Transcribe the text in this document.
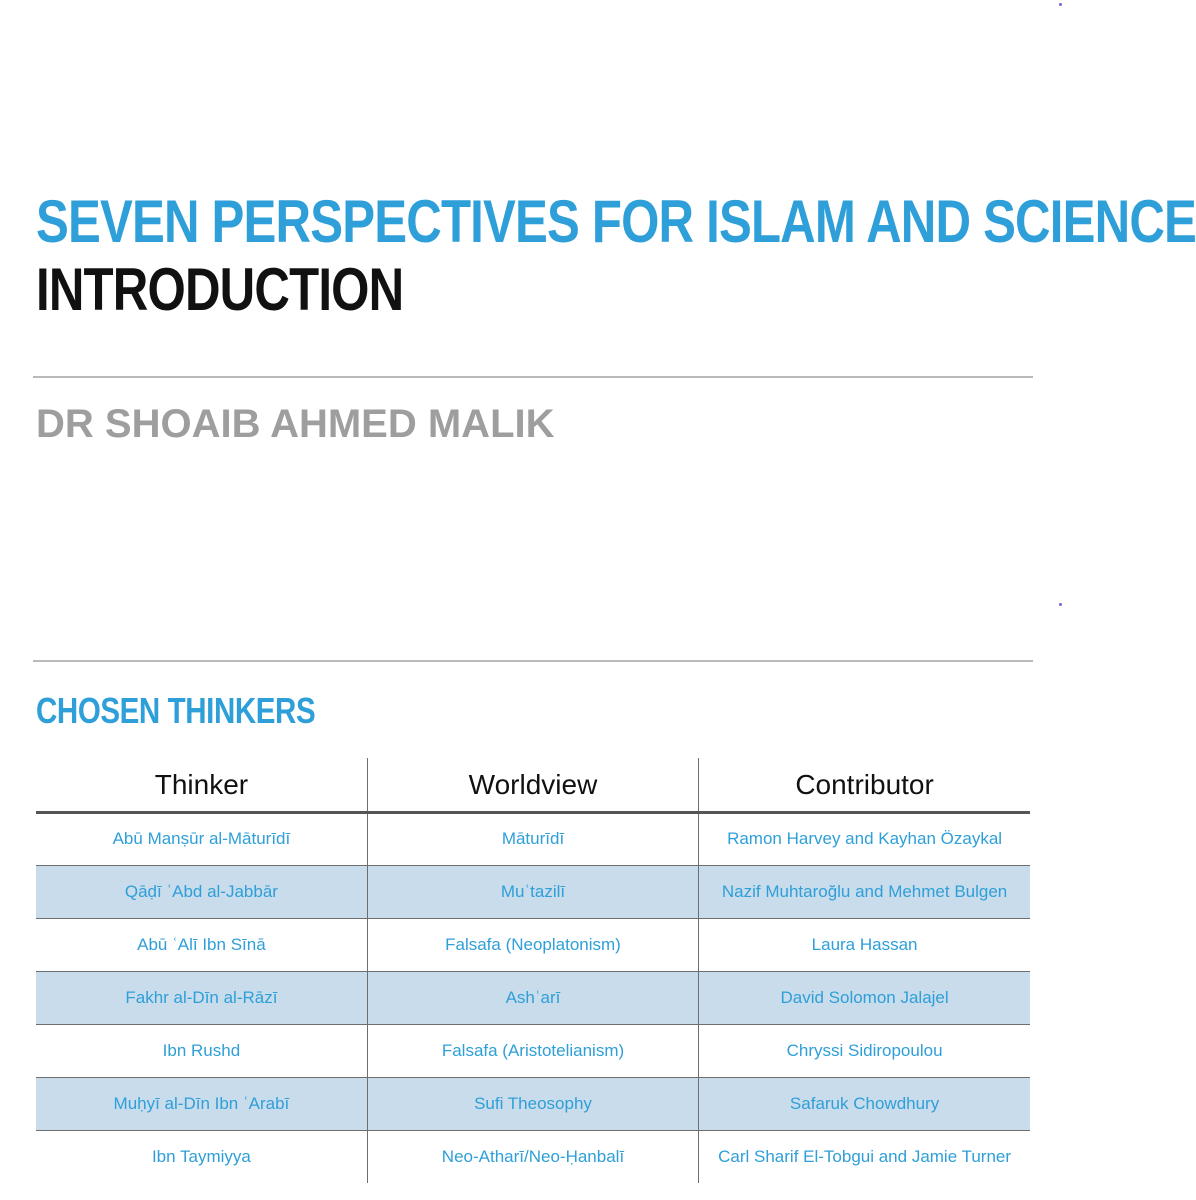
SEVEN PERSPECTIVES FOR ISLAM AND SCIENCE
INTRODUCTION
DR SHOAIB AHMED MALIK
CHOSEN THINKERS
Thinker	Worldview	Contributor
Abū Manṣūr al-Māturīdī	Māturīdī	Ramon Harvey and Kayhan Özaykal
Qāḍī ʿAbd al-Jabbār	Muʿtazilī	Nazif Muhtaroğlu and Mehmet Bulgen
Abū ʿAlī Ibn Sīnā	Falsafa (Neoplatonism)	Laura Hassan
Fakhr al-Dīn al-Rāzī	Ashʿarī	David Solomon Jalajel
Ibn Rushd	Falsafa (Aristotelianism)	Chryssi Sidiropoulou
Muḥyī al-Dīn Ibn ʿArabī	Sufi Theosophy	Safaruk Chowdhury
Ibn Taymiyya	Neo-Atharī/Neo-Ḥanbalī	Carl Sharif El-Tobgui and Jamie Turner
